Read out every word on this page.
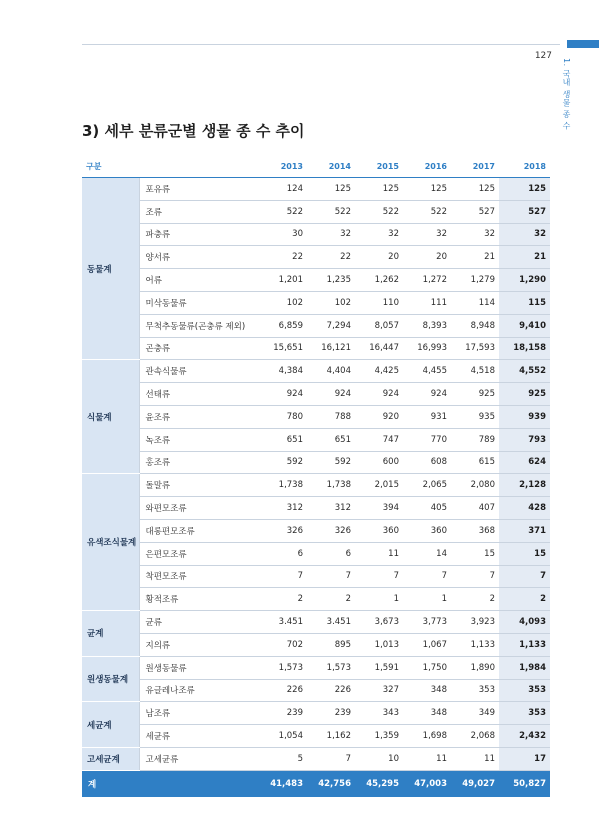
1. 국내 생물 종 수
127
3) 세부 분류군별 생물 종 수 추이
구분		2013	2014	2015	2016	2017	2018
동물계	포유류	124	125	125	125	125	125
	조류	522	522	522	522	527	527
	파충류	30	32	32	32	32	32
	양서류	22	22	20	20	21	21
	어류	1,201	1,235	1,262	1,272	1,279	1,290
	미삭동물류	102	102	110	111	114	115
	무척추동물류(곤충류 제외)	6,859	7,294	8,057	8,393	8,948	9,410
	곤충류	15,651	16,121	16,447	16,993	17,593	18,158
식물계	관속식물류	4,384	4,404	4,425	4,455	4,518	4,552
	선태류	924	924	924	924	925	925
	윤조류	780	788	920	931	935	939
	녹조류	651	651	747	770	789	793
	홍조류	592	592	600	608	615	624
유색조식물계	돌말류	1,738	1,738	2,015	2,065	2,080	2,128
	와편모조류	312	312	394	405	407	428
	대롱편모조류	326	326	360	360	368	371
	은편모조류	6	6	11	14	15	15
	착편모조류	7	7	7	7	7	7
	황적조류	2	2	1	1	2	2
균계	균류	3.451	3.451	3,673	3,773	3,923	4,093
	지의류	702	895	1,013	1,067	1,133	1,133
원생동물계	원생동물류	1,573	1,573	1,591	1,750	1,890	1,984
	유글레나조류	226	226	327	348	353	353
세균계	남조류	239	239	343	348	349	353
	세균류	1,054	1,162	1,359	1,698	2,068	2,432
고세균계	고세균류	5	7	10	11	11	17
계		41,483	42,756	45,295	47,003	49,027	50,827
